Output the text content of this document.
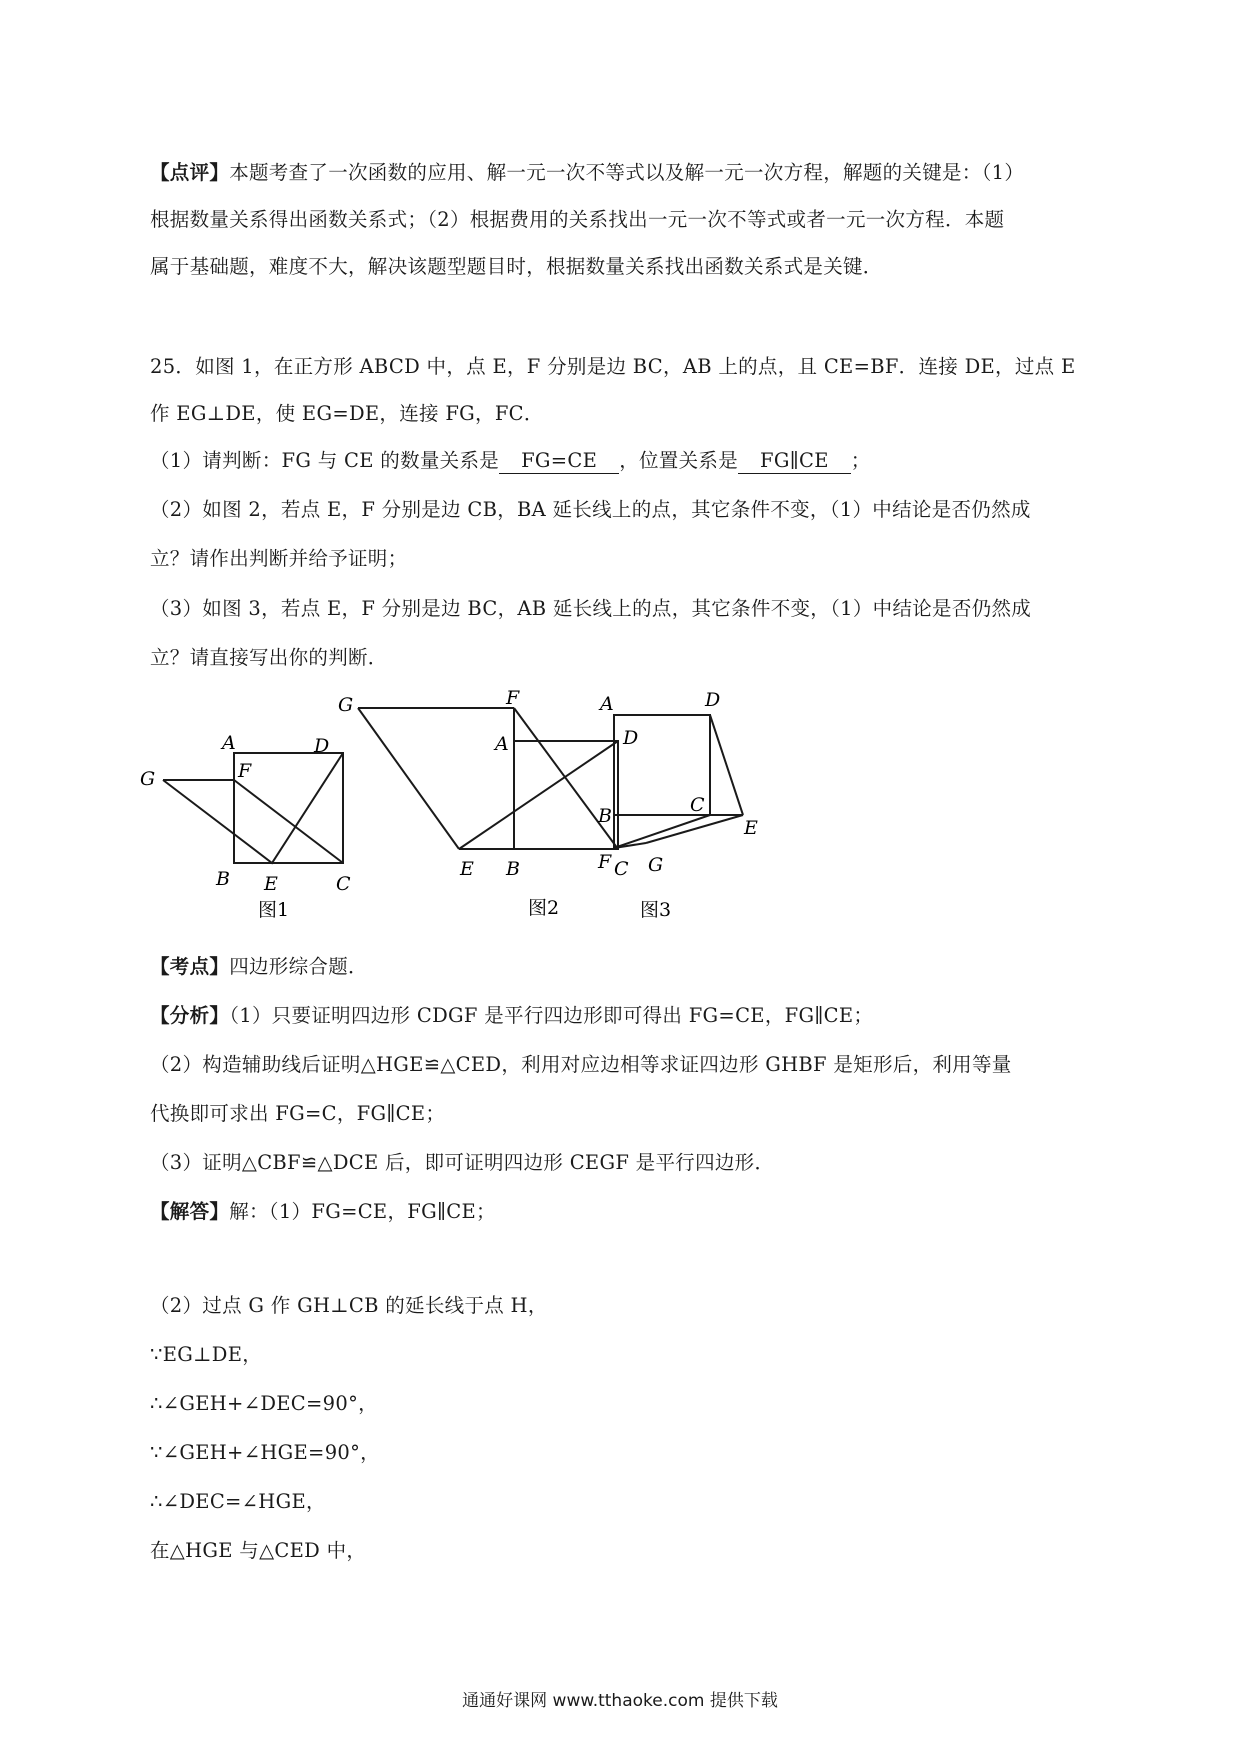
【点评】本题考查了一次函数的应用、解一元一次不等式以及解一元一次方程，解题的关键是：（1）
根据数量关系得出函数关系式；（2）根据费用的关系找出一元一次不等式或者一元一次方程．本题
属于基础题，难度不大，解决该题型题目时，根据数量关系找出函数关系式是关键．
25．如图 1，在正方形 ABCD 中，点 E，F 分别是边 BC，AB 上的点，且 CE=BF．连接 DE，过点 E
作 EG⊥DE，使 EG=DE，连接 FG，FC．
（1）请判断：FG 与 CE 的数量关系是 FG=CE ，位置关系是 FG∥CE ；
（2）如图 2，若点 E，F 分别是边 CB，BA 延长线上的点，其它条件不变，（1）中结论是否仍然成
立？请作出判断并给予证明；
（3）如图 3，若点 E，F 分别是边 BC，AB 延长线上的点，其它条件不变，（1）中结论是否仍然成
立？请直接写出你的判断．
A	D
F
G
B E	C
图1
G	F
A	D
E B	C
图2
A	D
B	C
E
F G
图3
【考点】四边形综合题．
【分析】（1）只要证明四边形 CDGF 是平行四边形即可得出 FG=CE，FG∥CE；
（2）构造辅助线后证明△HGE≌△CED，利用对应边相等求证四边形 GHBF 是矩形后，利用等量
代换即可求出 FG=C，FG∥CE；
（3）证明△CBF≌△DCE 后，即可证明四边形 CEGF 是平行四边形．
【解答】解：（1）FG=CE，FG∥CE；
（2）过点 G 作 GH⊥CB 的延长线于点 H，
∵EG⊥DE，
∴∠GEH+∠DEC=90°，
∵∠GEH+∠HGE=90°，
∴∠DEC=∠HGE，
在△HGE 与△CED 中，
通通好课网 www.tthaoke.com 提供下载
